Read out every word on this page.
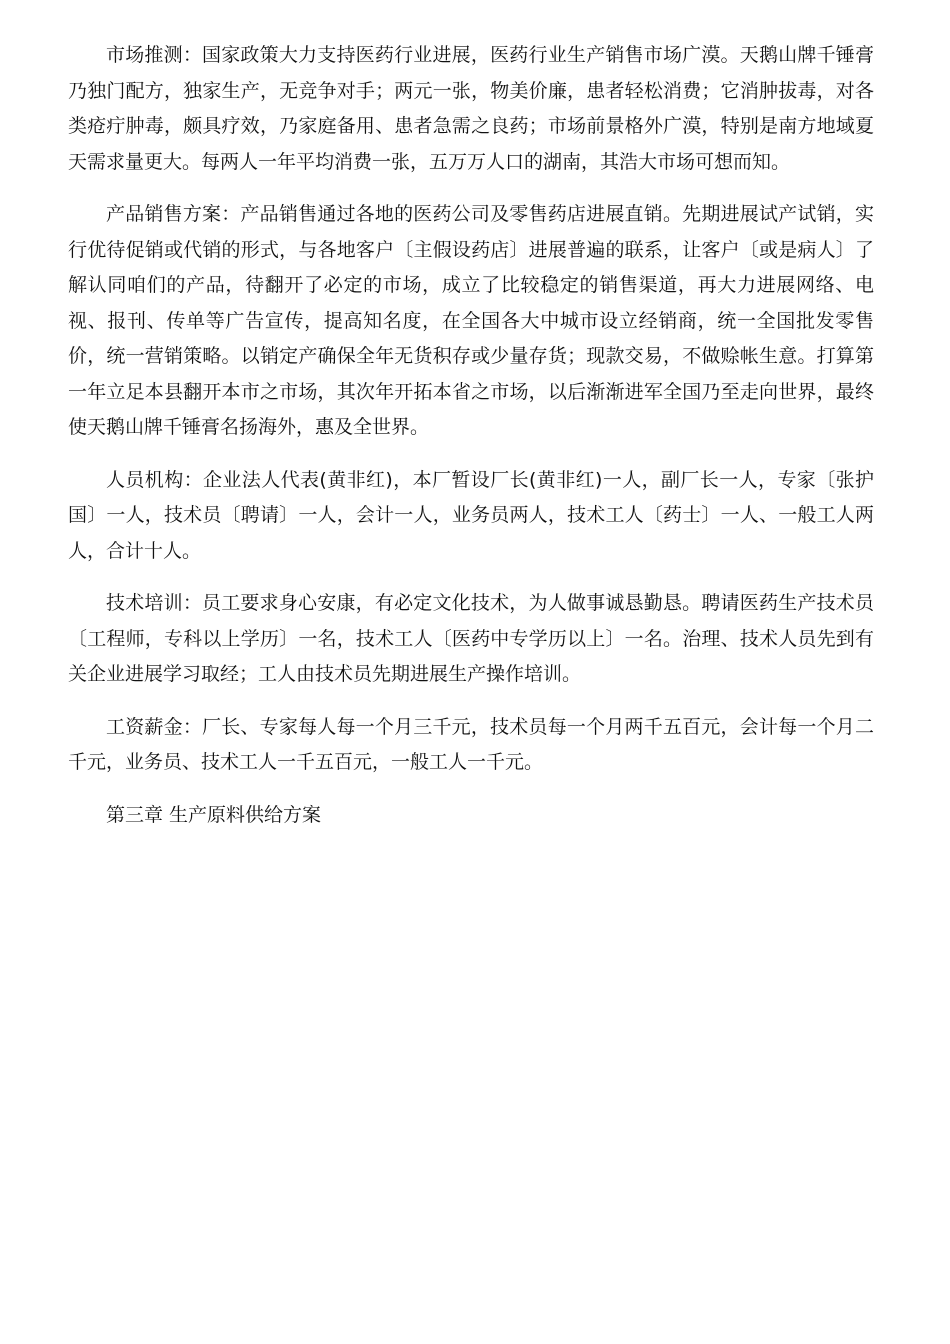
市场推测：国家政策大力支持医药行业进展，医药行业生产销售市场广漠。天鹅山牌千锤膏乃独门配方，独家生产，无竞争对手；两元一张，物美价廉，患者轻松消费；它消肿拔毒，对各类疮疔肿毒，颇具疗效，乃家庭备用、患者急需之良药；市场前景格外广漠，特别是南方地域夏天需求量更大。每两人一年平均消费一张，五万万人口的湖南，其浩大市场可想而知。

产品销售方案：产品销售通过各地的医药公司及零售药店进展直销。先期进展试产试销，实行优待促销或代销的形式，与各地客户〔主假设药店〕进展普遍的联系，让客户〔或是病人〕了解认同咱们的产品，待翻开了必定的市场，成立了比较稳定的销售渠道，再大力进展网络、电视、报刊、传单等广告宣传，提高知名度，在全国各大中城市设立经销商，统一全国批发零售价，统一营销策略。以销定产确保全年无货积存或少量存货；现款交易，不做赊帐生意。打算第一年立足本县翻开本市之市场，其次年开拓本省之市场，以后渐渐进军全国乃至走向世界，最终使天鹅山牌千锤膏名扬海外，惠及全世界。

人员机构：企业法人代表(黄非红)，本厂暂设厂长(黄非红)一人，副厂长一人，专家〔张护国〕一人，技术员〔聘请〕一人，会计一人，业务员两人，技术工人〔药士〕一人、一般工人两人，合计十人。

技术培训：员工要求身心安康，有必定文化技术，为人做事诚恳勤恳。聘请医药生产技术员〔工程师，专科以上学历〕一名，技术工人〔医药中专学历以上〕一名。治理、技术人员先到有关企业进展学习取经；工人由技术员先期进展生产操作培训。

工资薪金：厂长、专家每人每一个月三千元，技术员每一个月两千五百元，会计每一个月二千元，业务员、技术工人一千五百元，一般工人一千元。

第三章 生产原料供给方案
